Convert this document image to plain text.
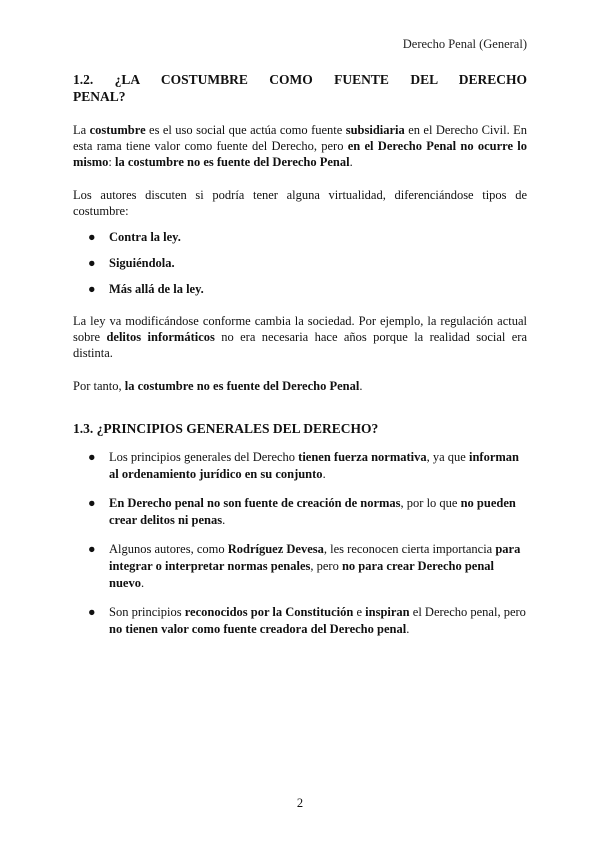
Derecho Penal (General)
1.2. ¿LA COSTUMBRE COMO FUENTE DEL DERECHO
PENAL?

La costumbre es el uso social que actúa como fuente subsidiaria en el Derecho Civil. En esta rama tiene valor como fuente del Derecho, pero en el Derecho Penal no ocurre lo mismo: la costumbre no es fuente del Derecho Penal.

Los autores discuten si podría tener alguna virtualidad, diferenciándose tipos de costumbre:

● Contra la ley.
● Siguiéndola.
● Más allá de la ley.

La ley va modificándose conforme cambia la sociedad. Por ejemplo, la regulación actual sobre delitos informáticos no era necesaria hace años porque la realidad social era distinta.

Por tanto, la costumbre no es fuente del Derecho Penal.

1.3. ¿PRINCIPIOS GENERALES DEL DERECHO?
● Los principios generales del Derecho tienen fuerza normativa, ya que informan al ordenamiento jurídico en su conjunto.
● En Derecho penal no son fuente de creación de normas, por lo que no pueden crear delitos ni penas.
● Algunos autores, como Rodríguez Devesa, les reconocen cierta importancia para integrar o interpretar normas penales, pero no para crear Derecho penal nuevo.
● Son principios reconocidos por la Constitución e inspiran el Derecho penal, pero no tienen valor como fuente creadora del Derecho penal.
2
